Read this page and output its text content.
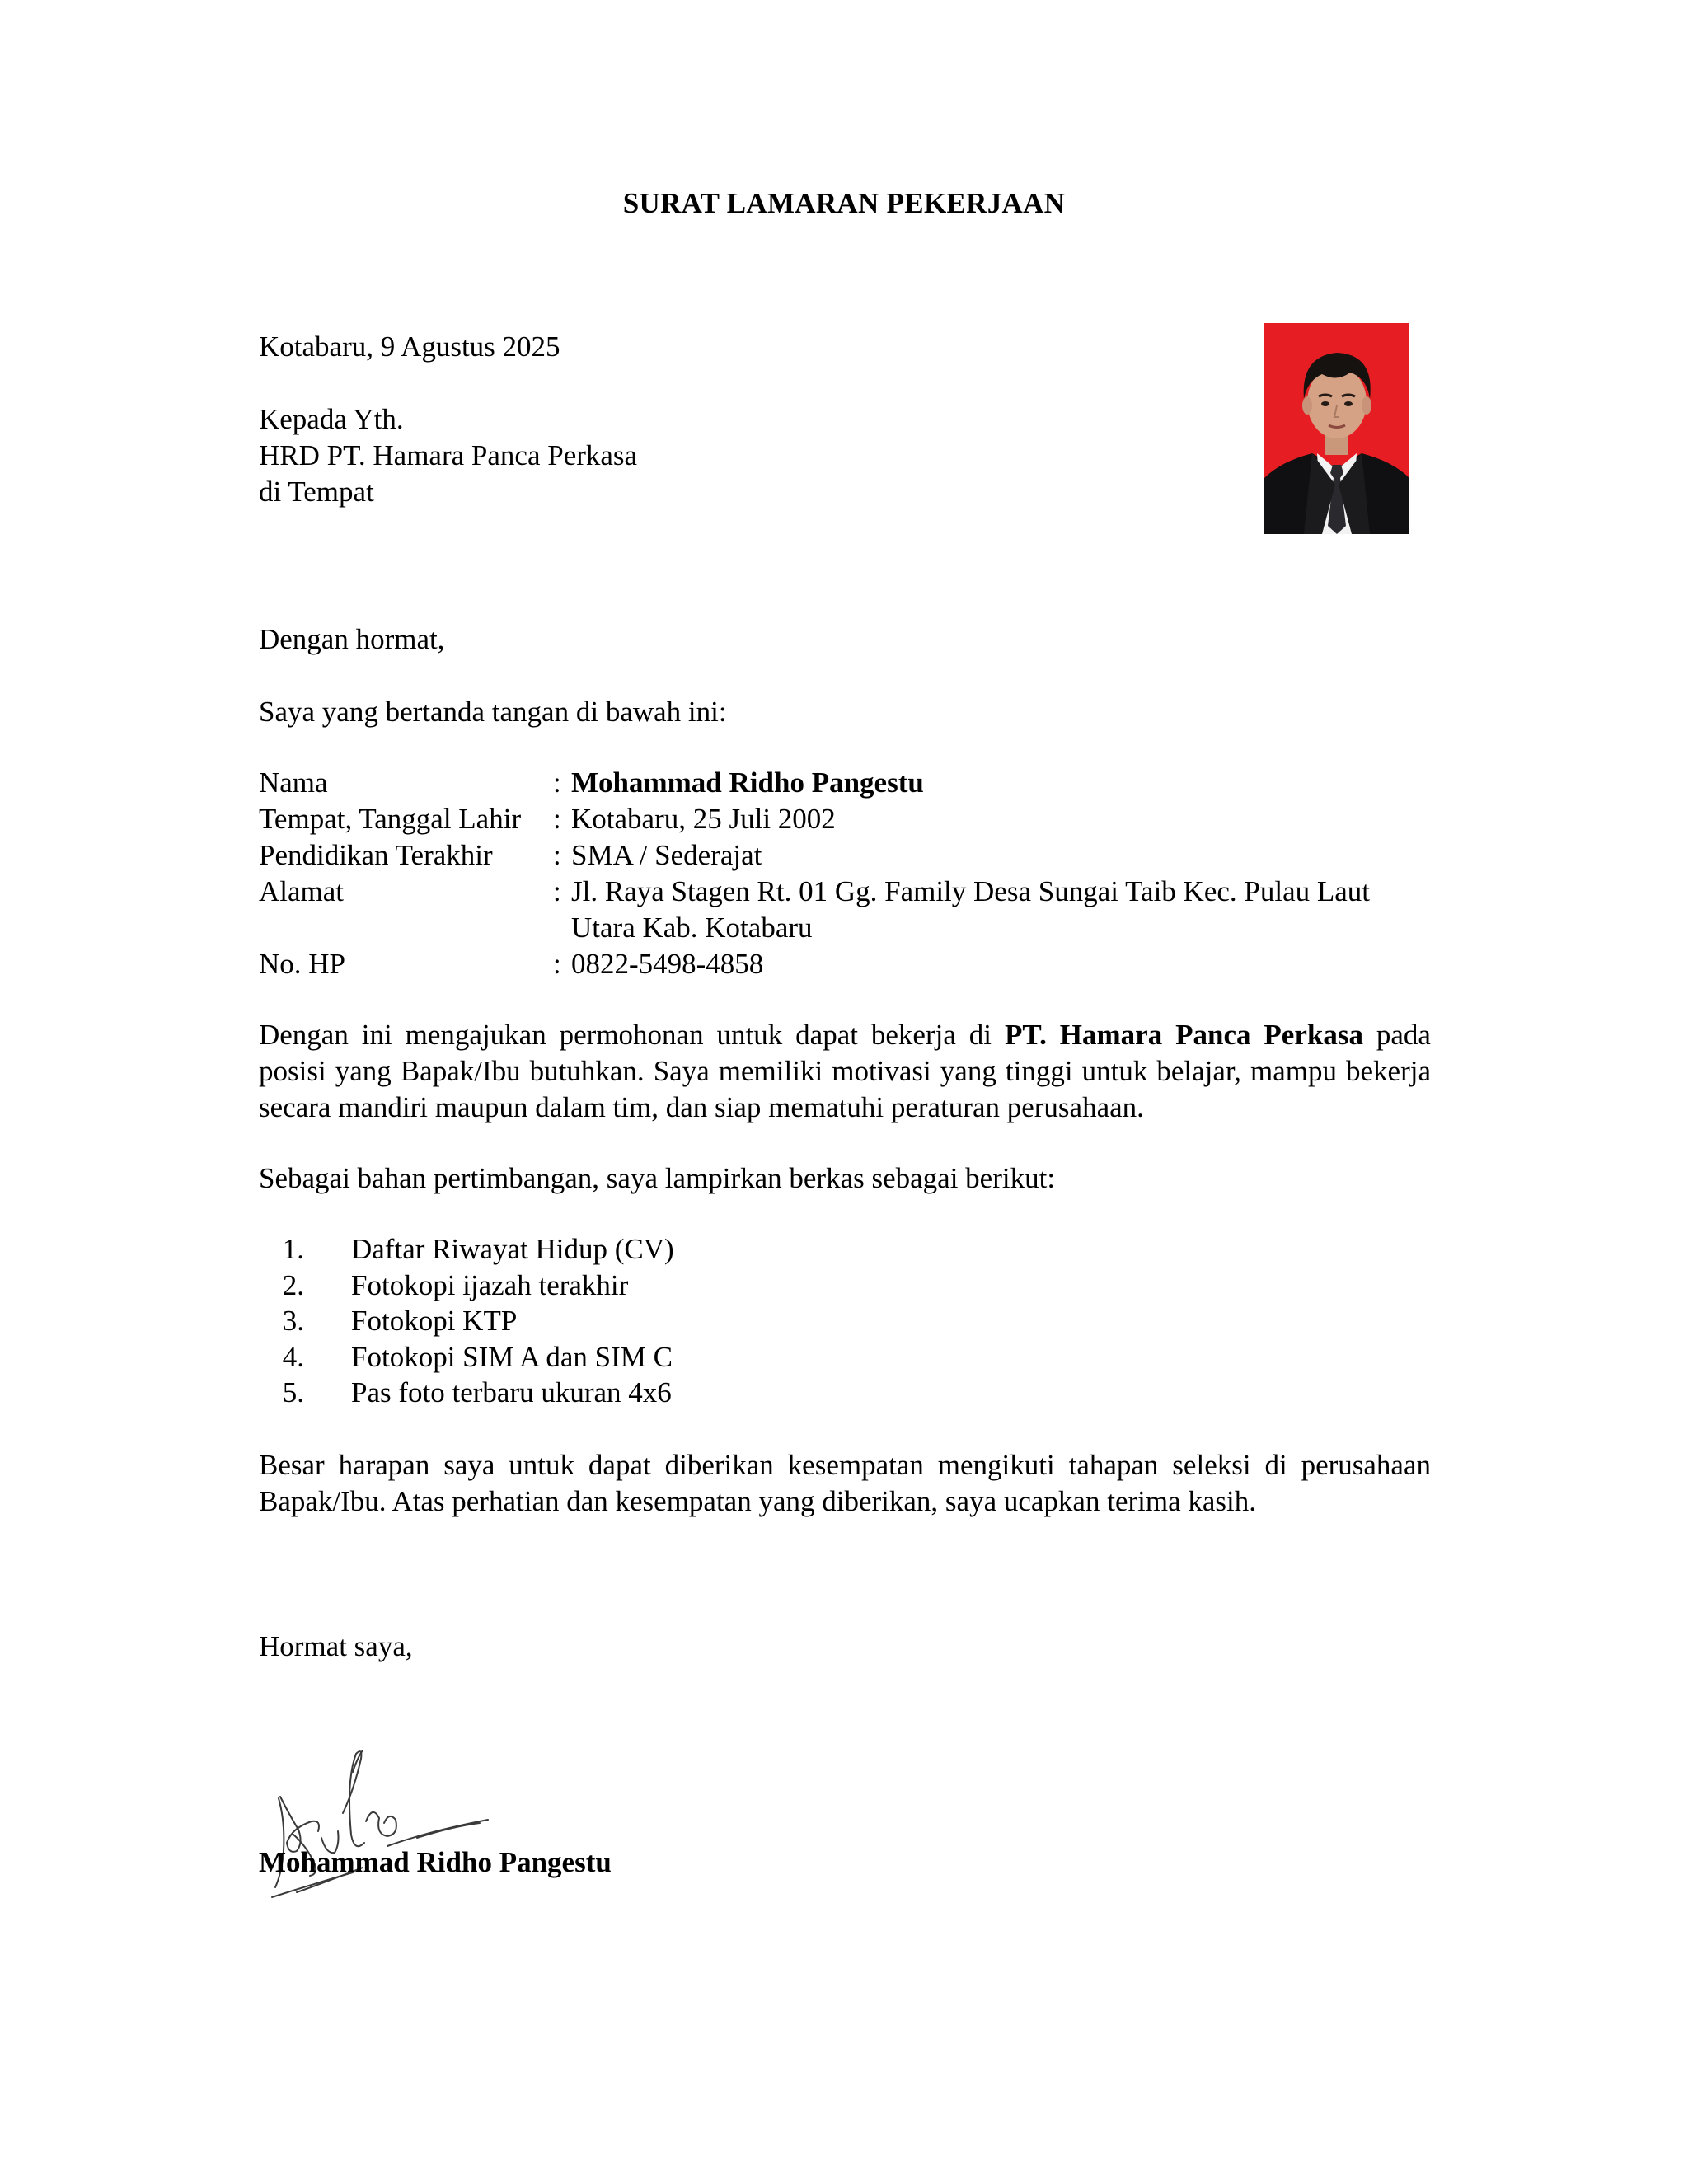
SURAT LAMARAN PEKERJAAN
Kotabaru, 9 Agustus 2025
Kepada Yth.
HRD PT. Hamara Panca Perkasa
di Tempat
Dengan hormat,
Saya yang bertanda tangan di bawah ini:
Nama	: Mohammad Ridho Pangestu
Tempat, Tanggal Lahir	: Kotabaru, 25 Juli 2002
Pendidikan Terakhir	: SMA / Sederajat
Alamat	: Jl. Raya Stagen Rt. 01 Gg. Family Desa Sungai Taib Kec. Pulau Laut Utara Kab. Kotabaru
No. HP	: 0822-5498-4858
Dengan ini mengajukan permohonan untuk dapat bekerja di PT. Hamara Panca Perkasa pada posisi yang Bapak/Ibu butuhkan. Saya memiliki motivasi yang tinggi untuk belajar, mampu bekerja secara mandiri maupun dalam tim, dan siap mematuhi peraturan perusahaan.
Sebagai bahan pertimbangan, saya lampirkan berkas sebagai berikut:
1. Daftar Riwayat Hidup (CV)
2. Fotokopi ijazah terakhir
3. Fotokopi KTP
4. Fotokopi SIM A dan SIM C
5. Pas foto terbaru ukuran 4x6
Besar harapan saya untuk dapat diberikan kesempatan mengikuti tahapan seleksi di perusahaan Bapak/Ibu. Atas perhatian dan kesempatan yang diberikan, saya ucapkan terima kasih.
Hormat saya,
Mohammad Ridho Pangestu
